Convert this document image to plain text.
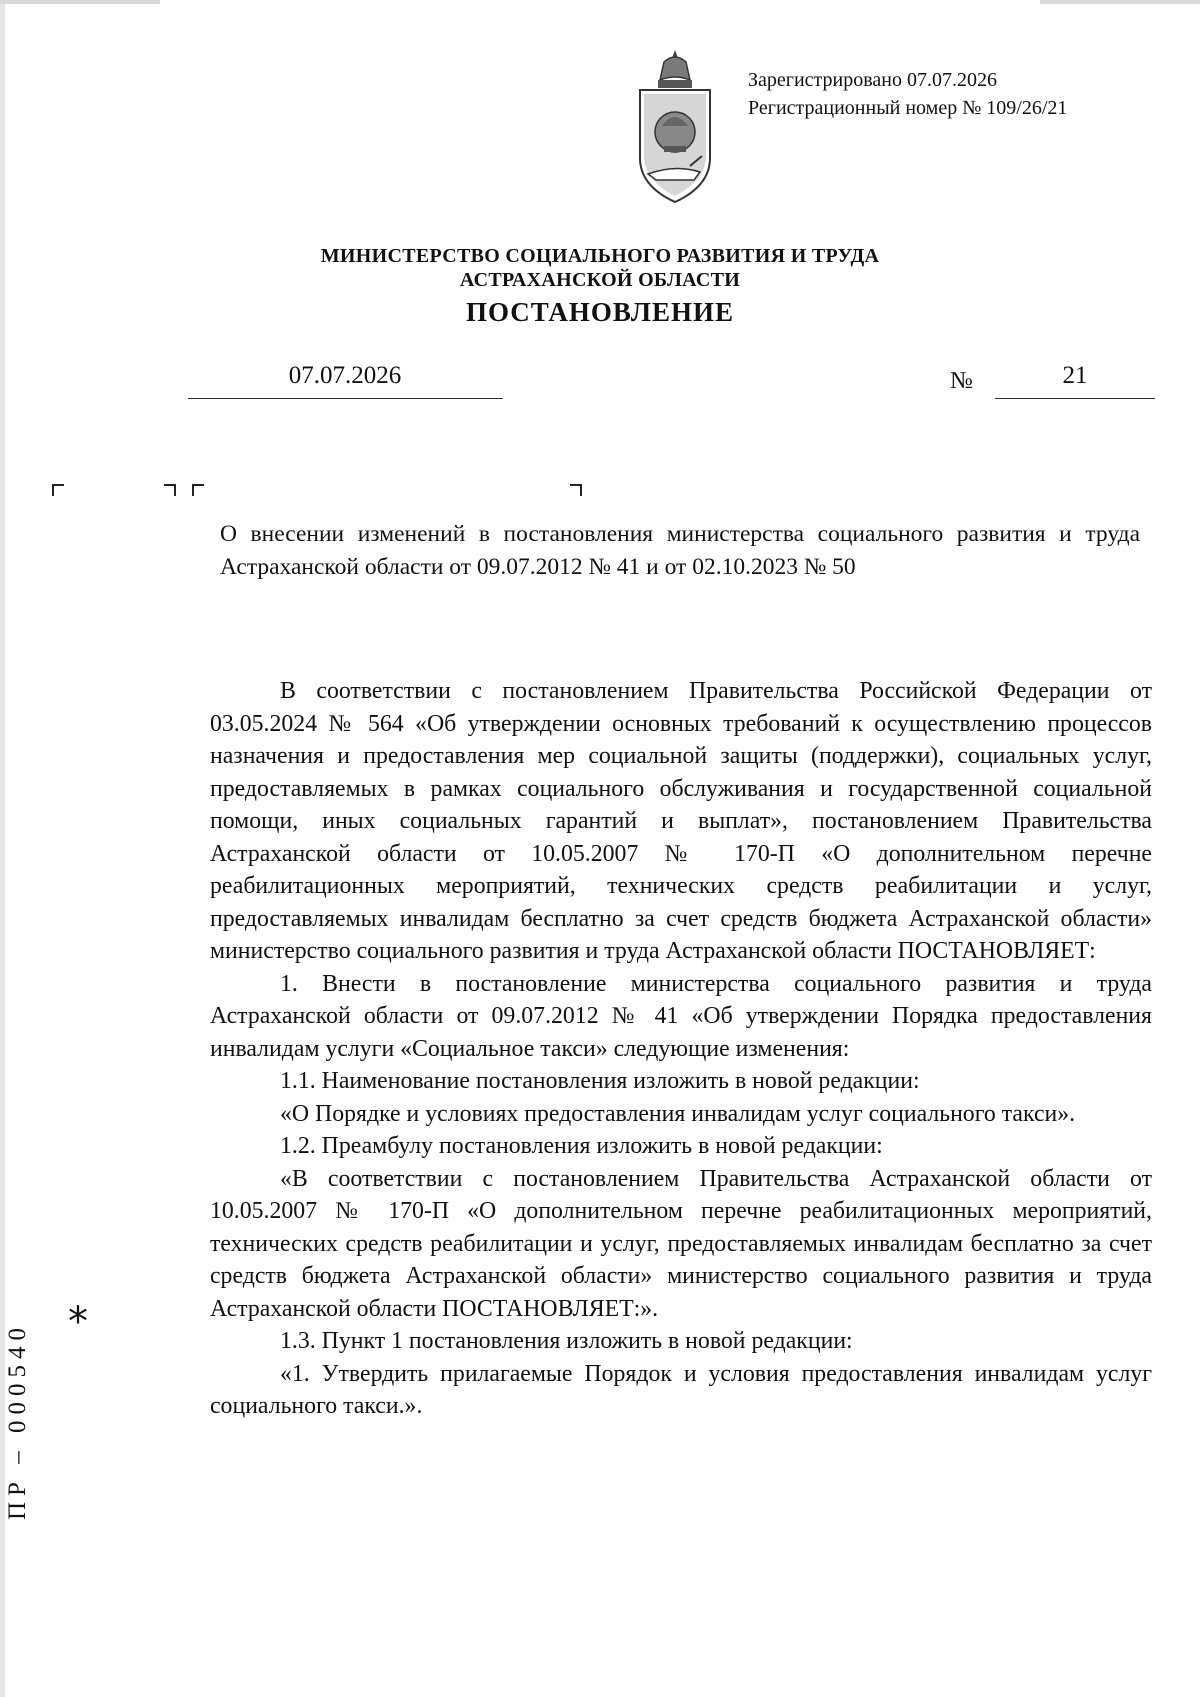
Зарегистрировано 07.07.2026
Регистрационный номер № 109/26/21
МИНИСТЕРСТВО СОЦИАЛЬНОГО РАЗВИТИЯ И ТРУДА
АСТРАХАНСКОЙ ОБЛАСТИ
ПОСТАНОВЛЕНИЕ
07.07.2026	№	21
О внесении изменений в постановления министерства социального развития и труда Астраханской области от 09.07.2012 № 41 и от 02.10.2023 № 50

В соответствии с постановлением Правительства Российской Федерации от 03.05.2024 № 564 «Об утверждении основных требований к осуществлению процессов назначения и предоставления мер социальной защиты (поддержки), социальных услуг, предоставляемых в рамках социального обслуживания и государственной социальной помощи, иных социальных гарантий и выплат», постановлением Правительства Астраханской области от 10.05.2007 № 170-П «О дополнительном перечне реабилитационных мероприятий, технических средств реабилитации и услуг, предоставляемых инвалидам бесплатно за счет средств бюджета Астраханской области» министерство социального развития и труда Астраханской области ПОСТАНОВЛЯЕТ:

1. Внести в постановление министерства социального развития и труда Астраханской области от 09.07.2012 № 41 «Об утверждении Порядка предоставления инвалидам услуги «Социальное такси» следующие изменения:

1.1. Наименование постановления изложить в новой редакции:

«О Порядке и условиях предоставления инвалидам услуг социального такси».

1.2. Преамбулу постановления изложить в новой редакции:

«В соответствии с постановлением Правительства Астраханской области от 10.05.2007 № 170-П «О дополнительном перечне реабилитационных мероприятий, технических средств реабилитации и услуг, предоставляемых инвалидам бесплатно за счет средств бюджета Астраханской области» министерство социального развития и труда Астраханской области ПОСТАНОВЛЯЕТ:».

1.3. Пункт 1 постановления изложить в новой редакции:

«1. Утвердить прилагаемые Порядок и условия предоставления инвалидам услуг социального такси.».

*
ПР – 000540
